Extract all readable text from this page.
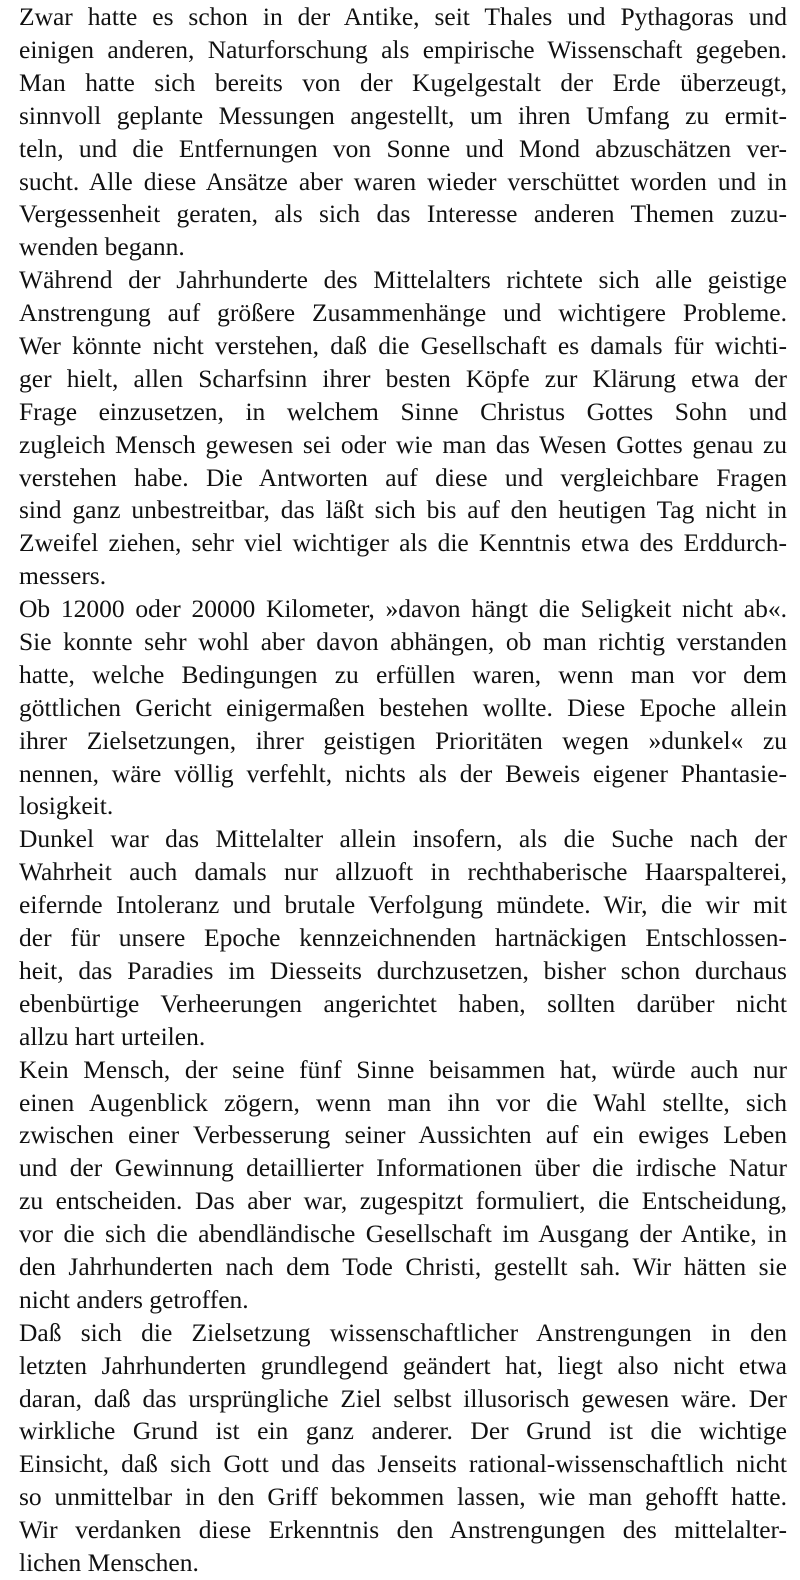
Zwar hatte es schon in der Antike, seit Thales und Pythagoras und
einigen anderen, Naturforschung als empirische Wissenschaft gegeben.
Man hatte sich bereits von der Kugelgestalt der Erde überzeugt,
sinnvoll geplante Messungen angestellt, um ihren Umfang zu ermit-
teln, und die Entfernungen von Sonne und Mond abzuschätzen ver-
sucht. Alle diese Ansätze aber waren wieder verschüttet worden und in
Vergessenheit geraten, als sich das Interesse anderen Themen zuzu-
wenden begann.
Während der Jahrhunderte des Mittelalters richtete sich alle geistige
Anstrengung auf größere Zusammenhänge und wichtigere Probleme.
Wer könnte nicht verstehen, daß die Gesellschaft es damals für wichti-
ger hielt, allen Scharfsinn ihrer besten Köpfe zur Klärung etwa der
Frage einzusetzen, in welchem Sinne Christus Gottes Sohn und
zugleich Mensch gewesen sei oder wie man das Wesen Gottes genau zu
verstehen habe. Die Antworten auf diese und vergleichbare Fragen
sind ganz unbestreitbar, das läßt sich bis auf den heutigen Tag nicht in
Zweifel ziehen, sehr viel wichtiger als die Kenntnis etwa des Erddurch-
messers.
Ob 12000 oder 20000 Kilometer, »davon hängt die Seligkeit nicht ab«.
Sie konnte sehr wohl aber davon abhängen, ob man richtig verstanden
hatte, welche Bedingungen zu erfüllen waren, wenn man vor dem
göttlichen Gericht einigermaßen bestehen wollte. Diese Epoche allein
ihrer Zielsetzungen, ihrer geistigen Prioritäten wegen »dunkel« zu
nennen, wäre völlig verfehlt, nichts als der Beweis eigener Phantasie-
losigkeit.
Dunkel war das Mittelalter allein insofern, als die Suche nach der
Wahrheit auch damals nur allzuoft in rechthaberische Haarspalterei,
eifernde Intoleranz und brutale Verfolgung mündete. Wir, die wir mit
der für unsere Epoche kennzeichnenden hartnäckigen Entschlossen-
heit, das Paradies im Diesseits durchzusetzen, bisher schon durchaus
ebenbürtige Verheerungen angerichtet haben, sollten darüber nicht
allzu hart urteilen.
Kein Mensch, der seine fünf Sinne beisammen hat, würde auch nur
einen Augenblick zögern, wenn man ihn vor die Wahl stellte, sich
zwischen einer Verbesserung seiner Aussichten auf ein ewiges Leben
und der Gewinnung detaillierter Informationen über die irdische Natur
zu entscheiden. Das aber war, zugespitzt formuliert, die Entscheidung,
vor die sich die abendländische Gesellschaft im Ausgang der Antike, in
den Jahrhunderten nach dem Tode Christi, gestellt sah. Wir hätten sie
nicht anders getroffen.
Daß sich die Zielsetzung wissenschaftlicher Anstrengungen in den
letzten Jahrhunderten grundlegend geändert hat, liegt also nicht etwa
daran, daß das ursprüngliche Ziel selbst illusorisch gewesen wäre. Der
wirkliche Grund ist ein ganz anderer. Der Grund ist die wichtige
Einsicht, daß sich Gott und das Jenseits rational-wissenschaftlich nicht
so unmittelbar in den Griff bekommen lassen, wie man gehofft hatte.
Wir verdanken diese Erkenntnis den Anstrengungen des mittelalter-
lichen Menschen.
